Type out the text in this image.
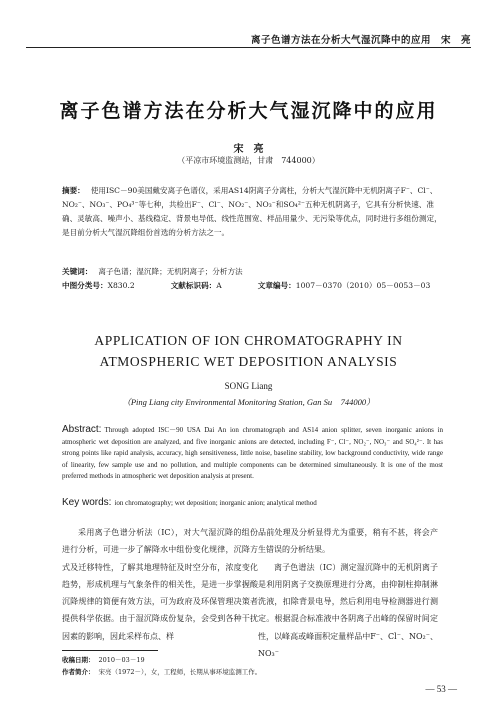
离子色谱方法在分析大气湿沉降中的应用　宋　亮
离子色谱方法在分析大气湿沉降中的应用
宋　亮
（平凉市环境监测站，甘肃　744000）
摘要： 使用ISC－90美国戴安离子色谱仪，采用AS14阴离子分离柱，分析大气湿沉降中无机阴离子F⁻、Cl⁻、NO₂⁻、NO₃⁻、PO₄³⁻等七种，共检出F⁻、Cl⁻、NO₂⁻、NO₃⁻和SO₄²⁻五种无机阴离子，它具有分析快速、准确、灵敏高、噪声小、基线稳定、背景电导低、线性范围宽、样品用量少、无污染等优点，同时进行多组份测定，是目前分析大气湿沉降组份首选的分析方法之一。
关键词： 离子色谱；湿沉降；无机阴离子；分析方法
中图分类号：X830.2	文献标识码：A	文章编号：1007－0370（2010）05－0053－03
APPLICATION OF ION CHROMATOGRAPHY IN
ATMOSPHERIC WET DEPOSITION ANALYSIS
SONG Liang
（Ping Liang city Environmental Monitoring Station, Gan Su　744000）
Abstract: Through adopted ISC－90 USA Dai An ion chromatograph and AS14 anion splitter, seven inorganic anions in atmospheric wet deposition are analyzed, and five inorganic anions are detected, including F⁻, Cl⁻, NO₂⁻, NO₃⁻ and SO₄²⁻. It has strong points like rapid analysis, accuracy, high sensitiveness, little noise, baseline stability, low background conductivity, wide range of linearity, few sample use and no pollution, and multiple components can be determined simultaneously. It is one of the most preferred methods in atmospheric wet deposition analysis at present.
Key words: ion chromatography; wet deposition; inorganic anion; analytical method

采用离子色谱分析法（IC），对大气湿沉降的组份进行分析，可进一步了解降水中组份变化规律，沉降方式及迁移特性，了解其地理特征及时空分布，浓度变化趋势，形成机理与气象条件的相关性，是进一步掌握酸沉降规律的简便有效方法，可为政府及环保管理决策者提供科学依据。由于湿沉降成份复杂，会受到各种干扰因素的影响，因此采样布点、样

品前处理及分析显得尤为重要，稍有不甚，将会产生错误的分析结果。

离子色谱法（IC）测定湿沉降中的无机阴离子是利用阴离子交换原理进行分离，由抑制柱抑制淋洗液，扣除背景电导，然后利用电导检测器进行测定。根据混合标准液中各阴离子出峰的保留时间定性，以峰高或峰面积定量样品中F⁻、Cl⁻、NO₂⁻、NO₃⁻

收稿日期： 2010－03－19
作者简介： 宋亮（1972－），女，工程师，长期从事环境监测工作。
— 53 —
